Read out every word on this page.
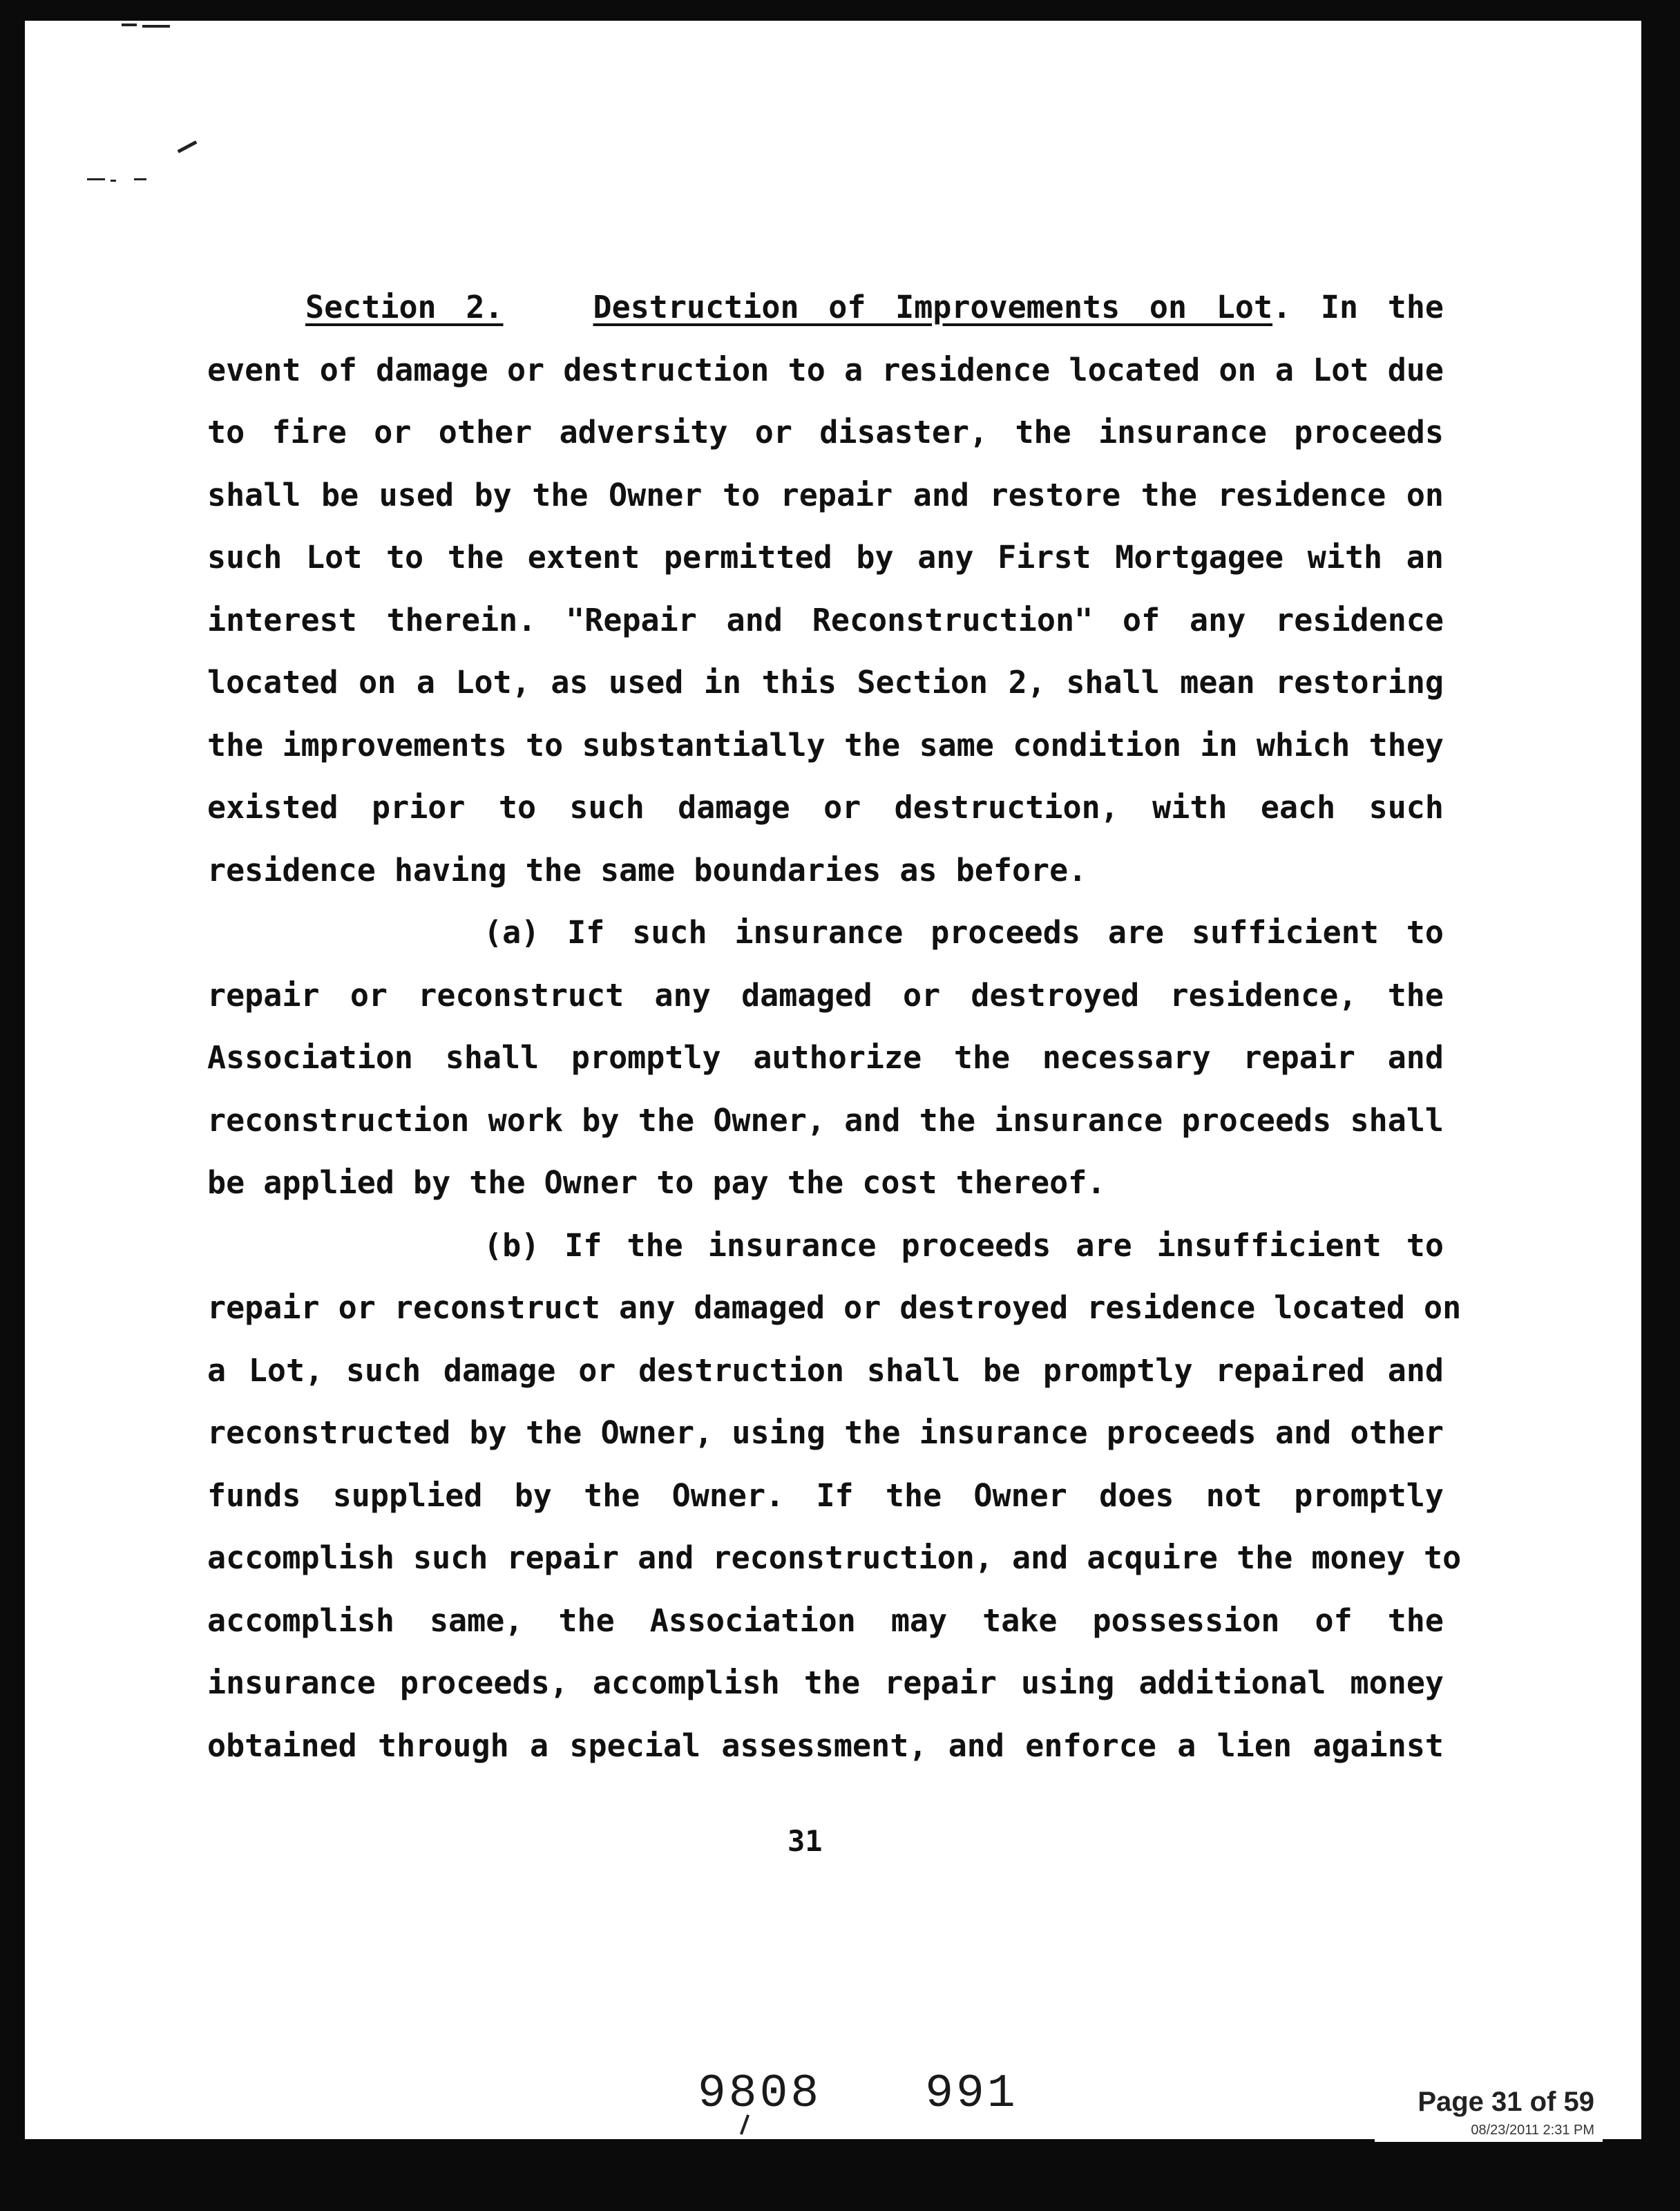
Section 2.	Destruction of Improvements on Lot. In the
event of damage or destruction to a residence located on a Lot due
to fire or other adversity or disaster, the insurance proceeds
shall be used by the Owner to repair and restore the residence on
such Lot to the extent permitted by any First Mortgagee with an
interest therein. "Repair and Reconstruction" of any residence
located on a Lot, as used in this Section 2, shall mean restoring
the improvements to substantially the same condition in which they
existed prior to such damage or destruction, with each such
residence having the same boundaries as before.
(a) If such insurance proceeds are sufficient to
repair or reconstruct any damaged or destroyed residence, the
Association shall promptly authorize the necessary repair and
reconstruction work by the Owner, and the insurance proceeds shall
be applied by the Owner to pay the cost thereof.
(b) If the insurance proceeds are insufficient to
repair or reconstruct any damaged or destroyed residence located on
a Lot, such damage or destruction shall be promptly repaired and
reconstructed by the Owner, using the insurance proceeds and other
funds supplied by the Owner. If the Owner does not promptly
accomplish such repair and reconstruction, and acquire the money to
accomplish same, the Association may take possession of the
insurance proceeds, accomplish the repair using additional money
obtained through a special assessment, and enforce a lien against
31
9808 991	Page 31 of 59
08/23/2011 2:31 PM
